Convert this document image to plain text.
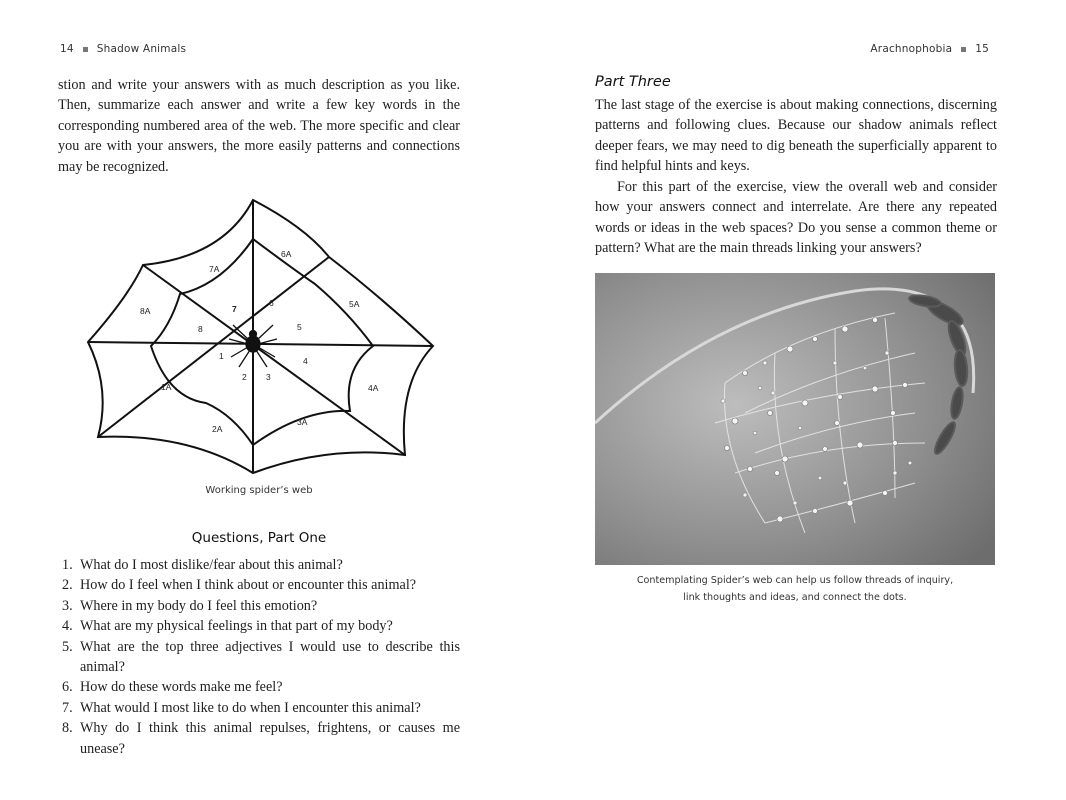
14 Shadow Animals

stion and write your answers with as much description as you like. Then, summarize each answer and write a few key words in the corresponding numbered area of the web. The more specific and clear you are with your answers, the more easily patterns and connections may be recognized.

1
2 3
4
5
6
7
8
1A
2A
3A
4A
5A
6A
7A
8A
Working spider’s web
Questions, Part One
1. What do I most dislike/fear about this animal?
2. How do I feel when I think about or encounter this animal?
3. Where in my body do I feel this emotion?
4. What are my physical feelings in that part of my body?
5. What are the top three adjectives I would use to describe this animal?
6. How do these words make me feel?
7. What would I most like to do when I encounter this animal?
8. Why do I think this animal repulses, frightens, or causes me unease?
Arachnophobia 15
Part Three

The last stage of the exercise is about making connections, discerning patterns and following clues. Because our shadow animals reflect deeper fears, we may need to dig beneath the superficially apparent to find helpful hints and keys.

For this part of the exercise, view the overall web and consider how your answers connect and interrelate. Are there any repeated words or ideas in the web spaces? Do you sense a common theme or pattern? What are the main threads linking your answers?

Contemplating Spider’s web can help us follow threads of inquiry,
link thoughts and ideas, and connect the dots.
